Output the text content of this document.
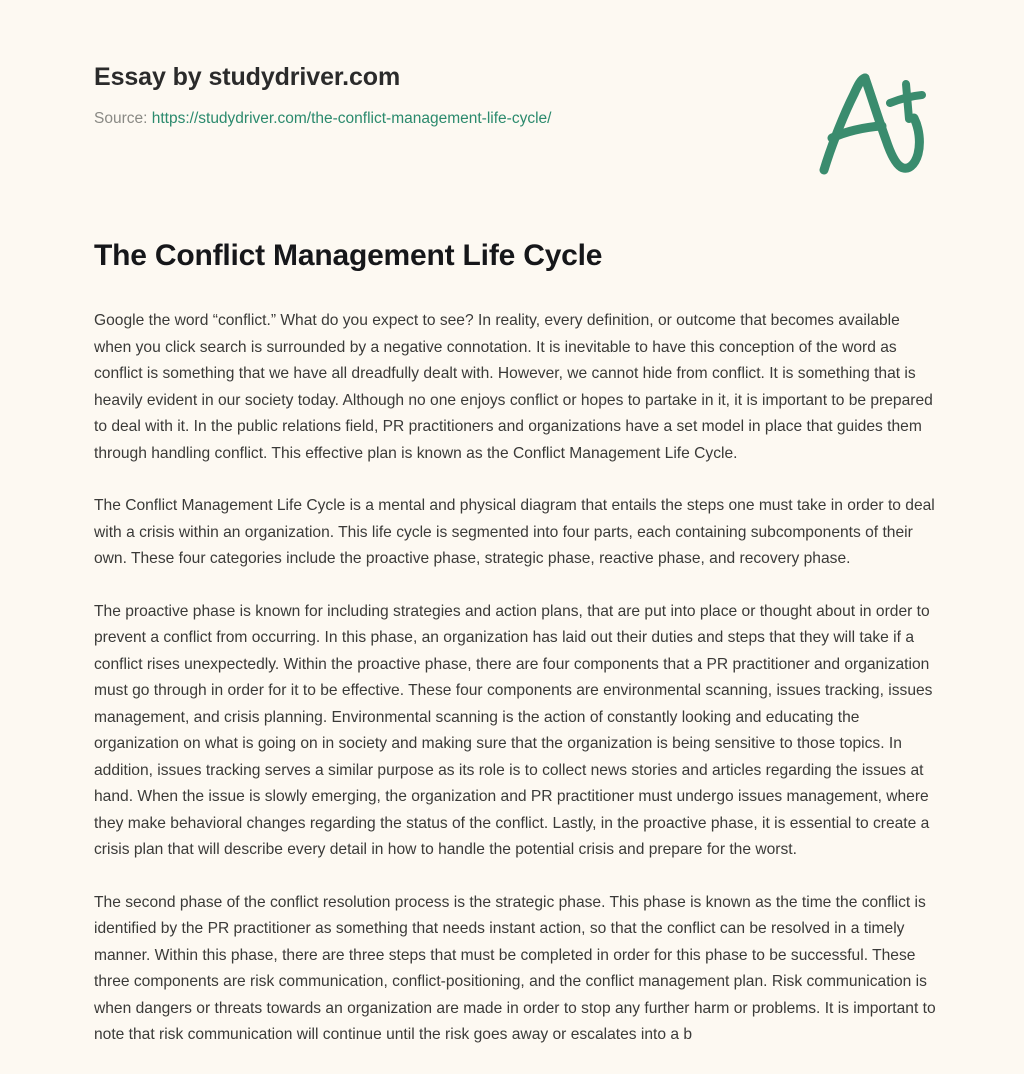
Essay by studydriver.com
Source: https://studydriver.com/the-conflict-management-life-cycle/
The Conflict Management Life Cycle

Google the word “conflict.” What do you expect to see? In reality, every definition, or outcome that becomes available when you click search is surrounded by a negative connotation. It is inevitable to have this conception of the word as conflict is something that we have all dreadfully dealt with. However, we cannot hide from conflict. It is something that is heavily evident in our society today. Although no one enjoys conflict or hopes to partake in it, it is important to be prepared to deal with it. In the public relations field, PR practitioners and organizations have a set model in place that guides them through handling conflict. This effective plan is known as the Conflict Management Life Cycle.

The Conflict Management Life Cycle is a mental and physical diagram that entails the steps one must take in order to deal with a crisis within an organization. This life cycle is segmented into four parts, each containing subcomponents of their own. These four categories include the proactive phase, strategic phase, reactive phase, and recovery phase.

The proactive phase is known for including strategies and action plans, that are put into place or thought about in order to prevent a conflict from occurring. In this phase, an organization has laid out their duties and steps that they will take if a conflict rises unexpectedly. Within the proactive phase, there are four components that a PR practitioner and organization must go through in order for it to be effective. These four components are environmental scanning, issues tracking, issues management, and crisis planning. Environmental scanning is the action of constantly looking and educating the organization on what is going on in society and making sure that the organization is being sensitive to those topics. In addition, issues tracking serves a similar purpose as its role is to collect news stories and articles regarding the issues at hand. When the issue is slowly emerging, the organization and PR practitioner must undergo issues management, where they make behavioral changes regarding the status of the conflict. Lastly, in the proactive phase, it is essential to create a crisis plan that will describe every detail in how to handle the potential crisis and prepare for the worst.

The second phase of the conflict resolution process is the strategic phase. This phase is known as the time the conflict is identified by the PR practitioner as something that needs instant action, so that the conflict can be resolved in a timely manner. Within this phase, there are three steps that must be completed in order for this phase to be successful. These three components are risk communication, conflict-positioning, and the conflict management plan. Risk communication is when dangers or threats towards an organization are made in order to stop any further harm or problems. It is important to note that risk communication will continue until the risk goes away or escalates into a b
